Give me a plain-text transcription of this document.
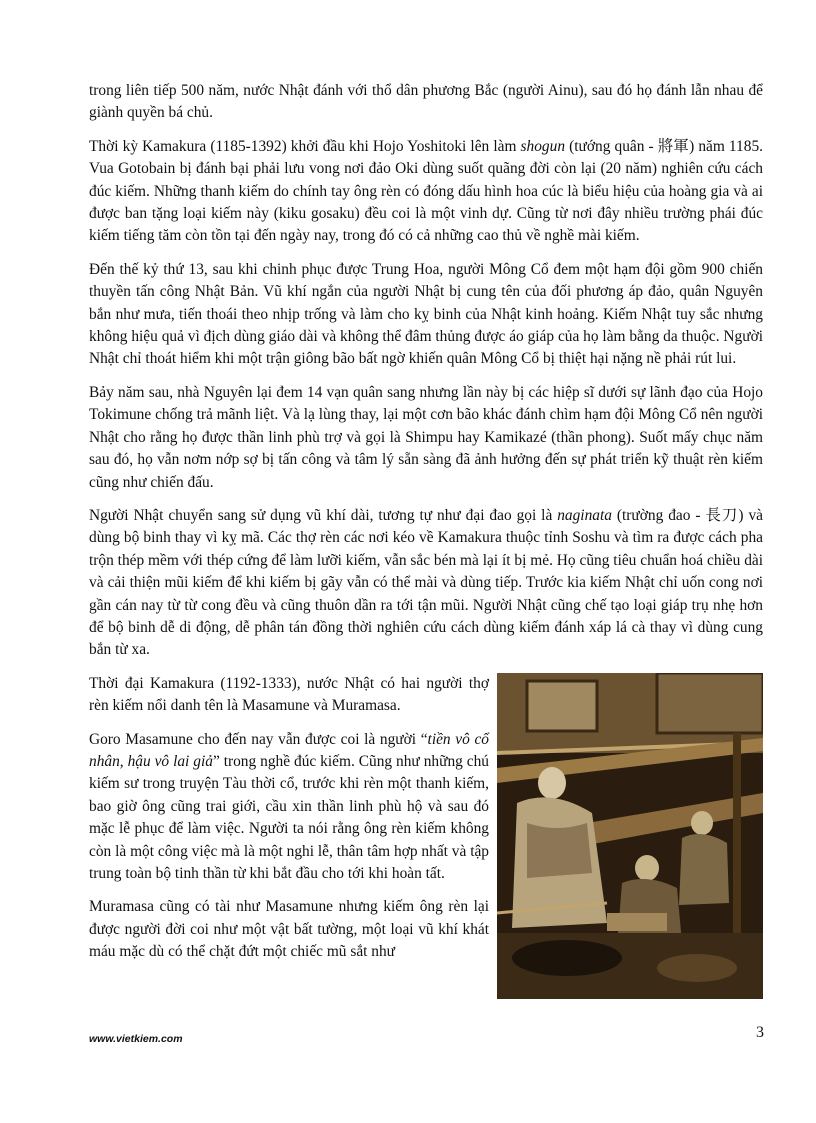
trong liên tiếp 500 năm, nước Nhật đánh với thổ dân phương Bắc (người Ainu), sau đó họ đánh lẫn nhau để giành quyền bá chủ.

Thời kỳ Kamakura (1185-1392) khởi đầu khi Hojo Yoshitoki lên làm shogun (tướng quân - 將軍) năm 1185. Vua Gotobain bị đánh bại phải lưu vong nơi đảo Oki dùng suốt quãng đời còn lại (20 năm) nghiên cứu cách đúc kiếm. Những thanh kiếm do chính tay ông rèn có đóng dấu hình hoa cúc là biểu hiệu của hoàng gia và ai được ban tặng loại kiếm này (kiku gosaku) đều coi là một vinh dự. Cũng từ nơi đây nhiều trường phái đúc kiếm tiếng tăm còn tồn tại đến ngày nay, trong đó có cả những cao thủ về nghề mài kiếm.

Đến thế kỷ thứ 13, sau khi chinh phục được Trung Hoa, người Mông Cổ đem một hạm đội gồm 900 chiến thuyền tấn công Nhật Bản. Vũ khí ngắn của người Nhật bị cung tên của đối phương áp đảo, quân Nguyên bắn như mưa, tiến thoái theo nhịp trống và làm cho kỵ binh của Nhật kinh hoảng. Kiếm Nhật tuy sắc nhưng không hiệu quả vì địch dùng giáo dài và không thể đâm thủng được áo giáp của họ làm bằng da thuộc. Người Nhật chỉ thoát hiểm khi một trận giông bão bất ngờ khiến quân Mông Cổ bị thiệt hại nặng nề phải rút lui.

Bảy năm sau, nhà Nguyên lại đem 14 vạn quân sang nhưng lần này bị các hiệp sĩ dưới sự lãnh đạo của Hojo Tokimune chống trả mãnh liệt. Và lạ lùng thay, lại một cơn bão khác đánh chìm hạm đội Mông Cổ nên người Nhật cho rằng họ được thần linh phù trợ và gọi là Shimpu hay Kamikazé (thần phong). Suốt mấy chục năm sau đó, họ vẫn nơm nớp sợ bị tấn công và tâm lý sẵn sàng đã ảnh hưởng đến sự phát triển kỹ thuật rèn kiếm cũng như chiến đấu.

Người Nhật chuyển sang sử dụng vũ khí dài, tương tự như đại đao gọi là naginata (trường đao - 長刀) và dùng bộ binh thay vì kỵ mã. Các thợ rèn các nơi kéo về Kamakura thuộc tỉnh Soshu và tìm ra được cách pha trộn thép mềm với thép cứng để làm lưỡi kiếm, vẫn sắc bén mà lại ít bị mẻ. Họ cũng tiêu chuẩn hoá chiều dài và cải thiện mũi kiếm để khi kiếm bị gãy vẫn có thể mài và dùng tiếp. Trước kia kiếm Nhật chỉ uốn cong nơi gần cán nay từ từ cong đều và cũng thuôn dần ra tới tận mũi. Người Nhật cũng chế tạo loại giáp trụ nhẹ hơn để bộ binh dễ di động, dễ phân tán đồng thời nghiên cứu cách dùng kiếm đánh xáp lá cà thay vì dùng cung bắn từ xa.

Thời đại Kamakura (1192-1333), nước Nhật có hai người thợ rèn kiếm nổi danh tên là Masamune và Muramasa.

Goro Masamune cho đến nay vẫn được coi là người “tiền vô cổ nhân, hậu vô lai giả” trong nghề đúc kiếm. Cũng như những chú kiếm sư trong truyện Tàu thời cổ, trước khi rèn một thanh kiếm, bao giờ ông cũng trai giới, cầu xin thần linh phù hộ và sau đó mặc lễ phục để làm việc. Người ta nói rằng ông rèn kiếm không còn là một công việc mà là một nghi lễ, thân tâm hợp nhất và tập trung toàn bộ tinh thần từ khi bắt đầu cho tới khi hoàn tất.

Muramasa cũng có tài như Masamune nhưng kiếm ông rèn lại được người đời coi như một vật bất tường, một loại vũ khí khát máu mặc dù có thể chặt đứt một chiếc mũ sắt như

www.vietkiem.com	3
